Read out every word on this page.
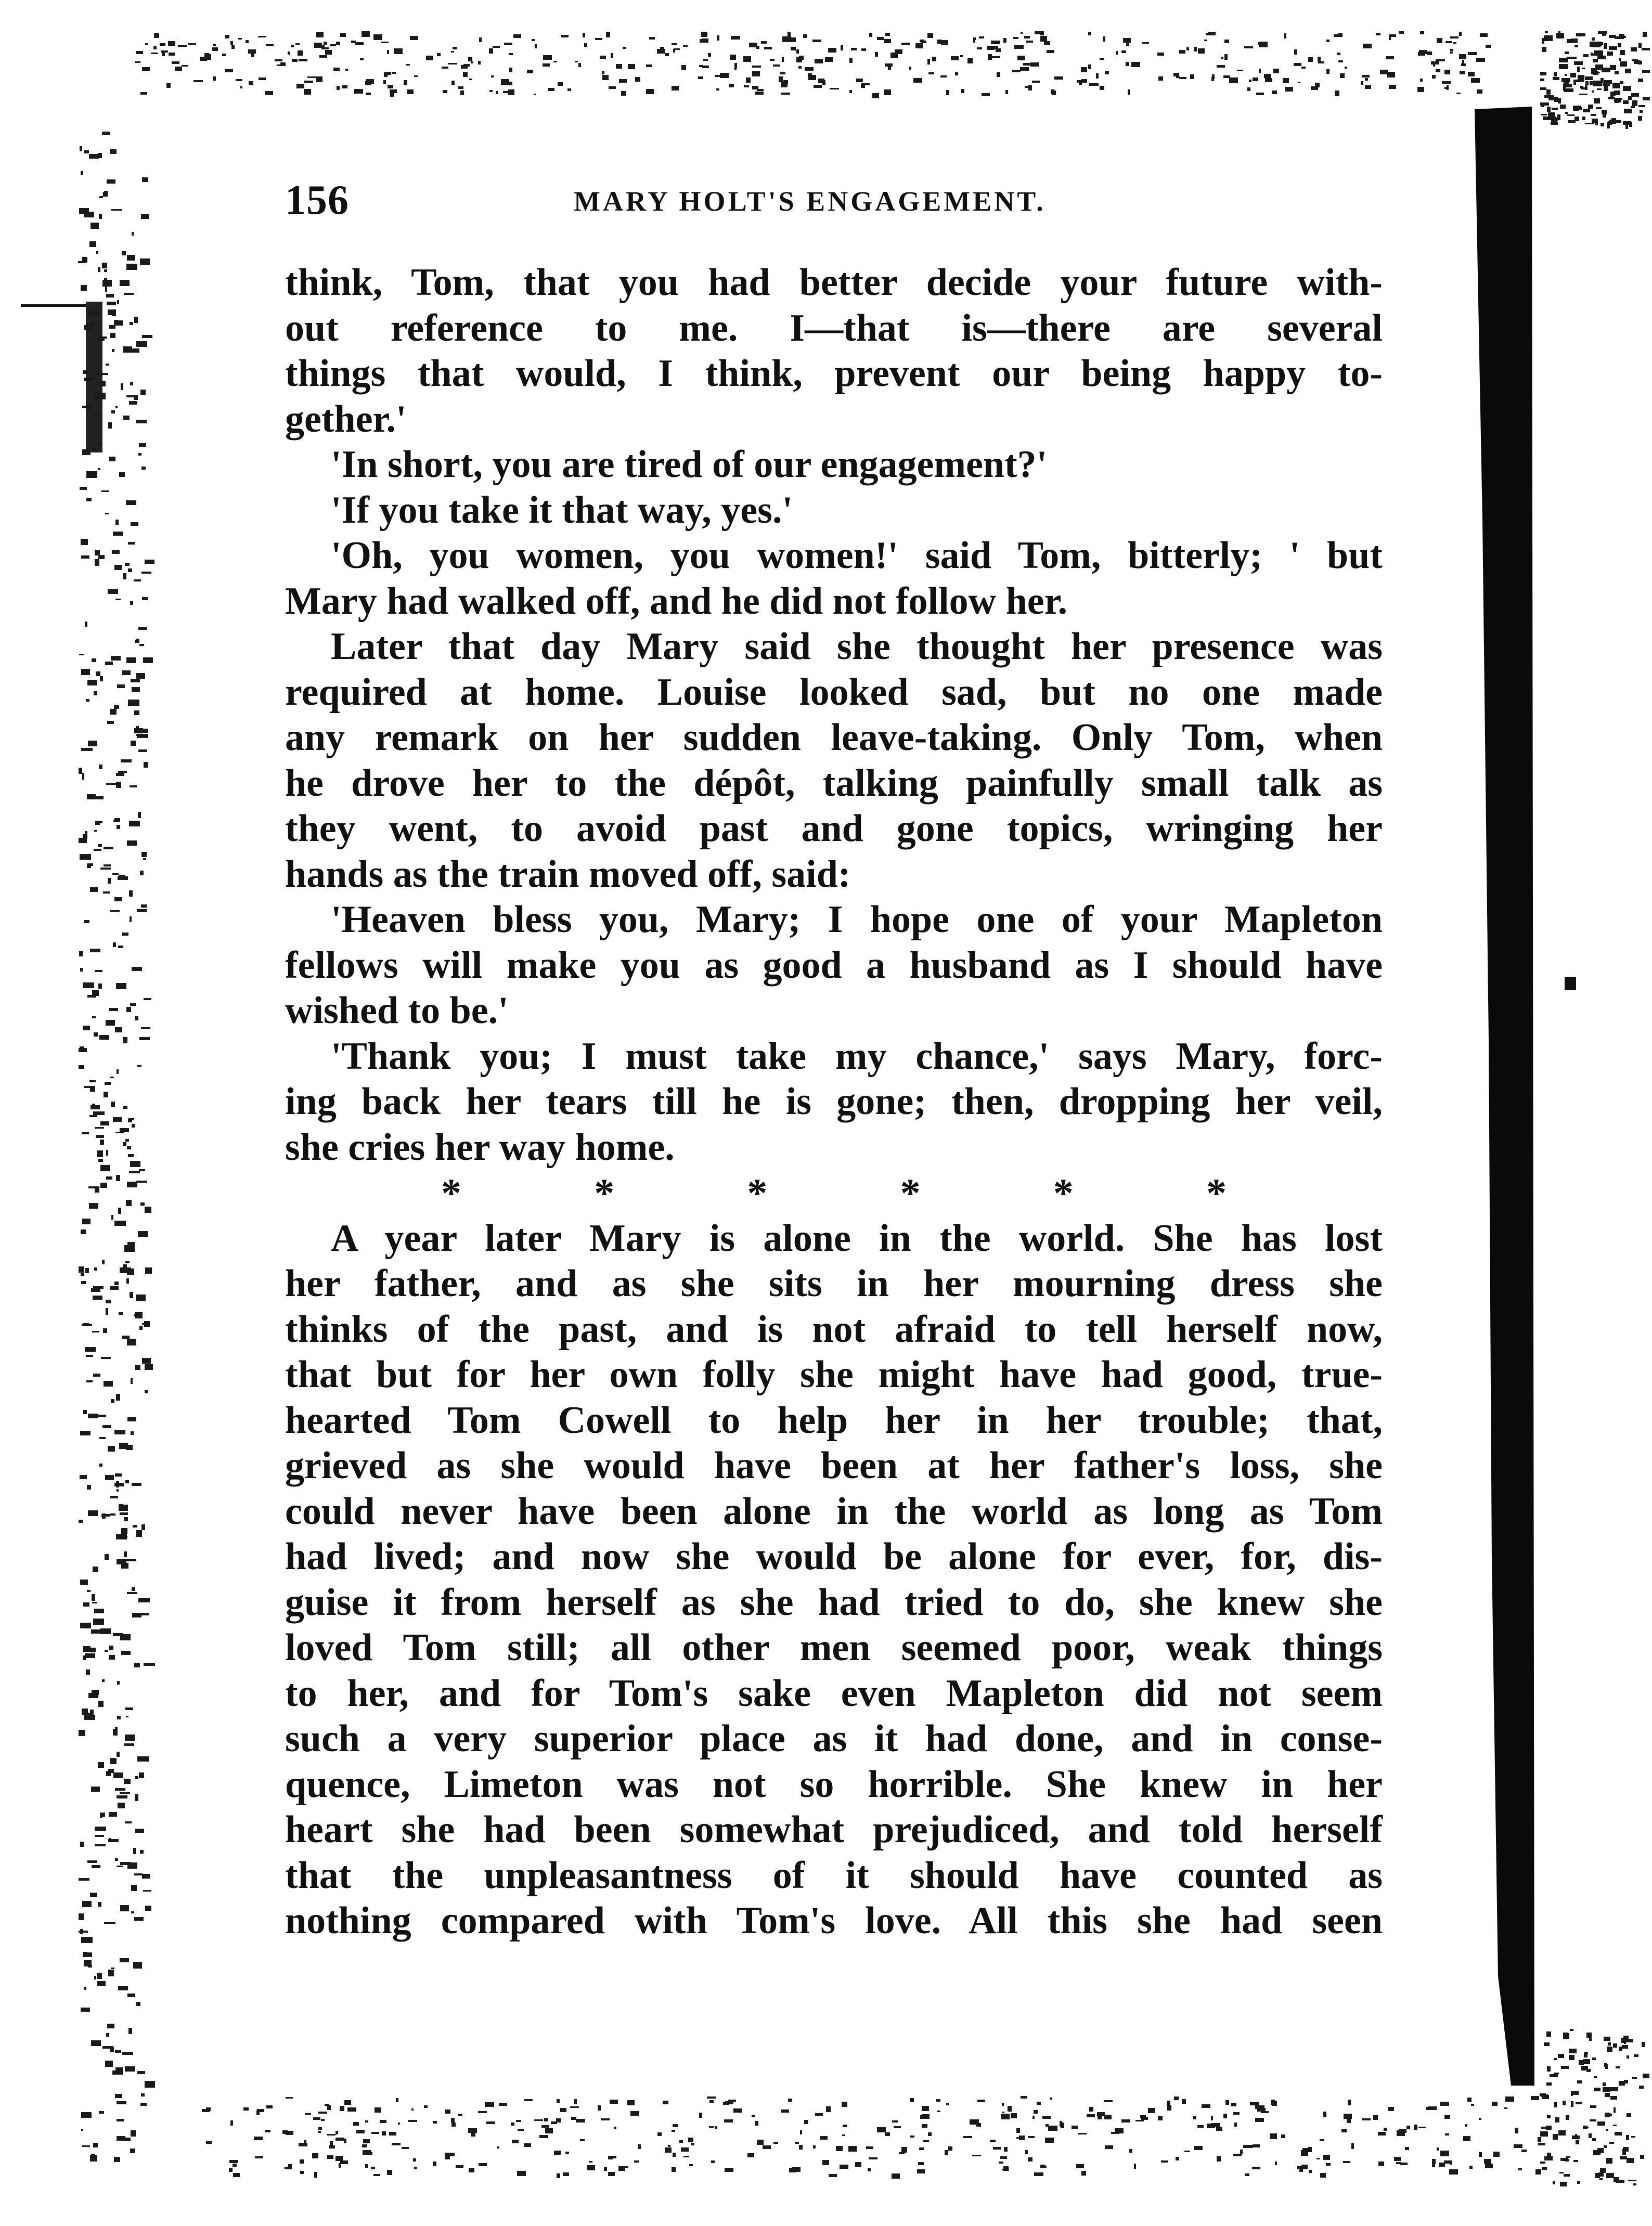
156	MARY HOLT'S ENGAGEMENT.
think, Tom, that you had better decide your future with-
out reference to me. I—that is—there are several
things that would, I think, prevent our being happy to-
gether.'
'In short, you are tired of our engagement?'
'If you take it that way, yes.'
'Oh, you women, you women!' said Tom, bitterly; ' but
Mary had walked off, and he did not follow her.
Later that day Mary said she thought her presence was
required at home. Louise looked sad, but no one made
any remark on her sudden leave-taking. Only Tom, when
he drove her to the dépôt, talking painfully small talk as
they went, to avoid past and gone topics, wringing her
hands as the train moved off, said:
'Heaven bless you, Mary; I hope one of your Mapleton
fellows will make you as good a husband as I should have
wished to be.'
'Thank you; I must take my chance,' says Mary, forc-
ing back her tears till he is gone; then, dropping her veil,
she cries her way home.
*	*	*	*	*	*
A year later Mary is alone in the world. She has lost
her father, and as she sits in her mourning dress she
thinks of the past, and is not afraid to tell herself now,
that but for her own folly she might have had good, true-
hearted Tom Cowell to help her in her trouble; that,
grieved as she would have been at her father's loss, she
could never have been alone in the world as long as Tom
had lived; and now she would be alone for ever, for, dis-
guise it from herself as she had tried to do, she knew she
loved Tom still; all other men seemed poor, weak things
to her, and for Tom's sake even Mapleton did not seem
such a very superior place as it had done, and in conse-
quence, Limeton was not so horrible. She knew in her
heart she had been somewhat prejudiced, and told herself
that the unpleasantness of it should have counted as
nothing compared with Tom's love. All this she had seen
